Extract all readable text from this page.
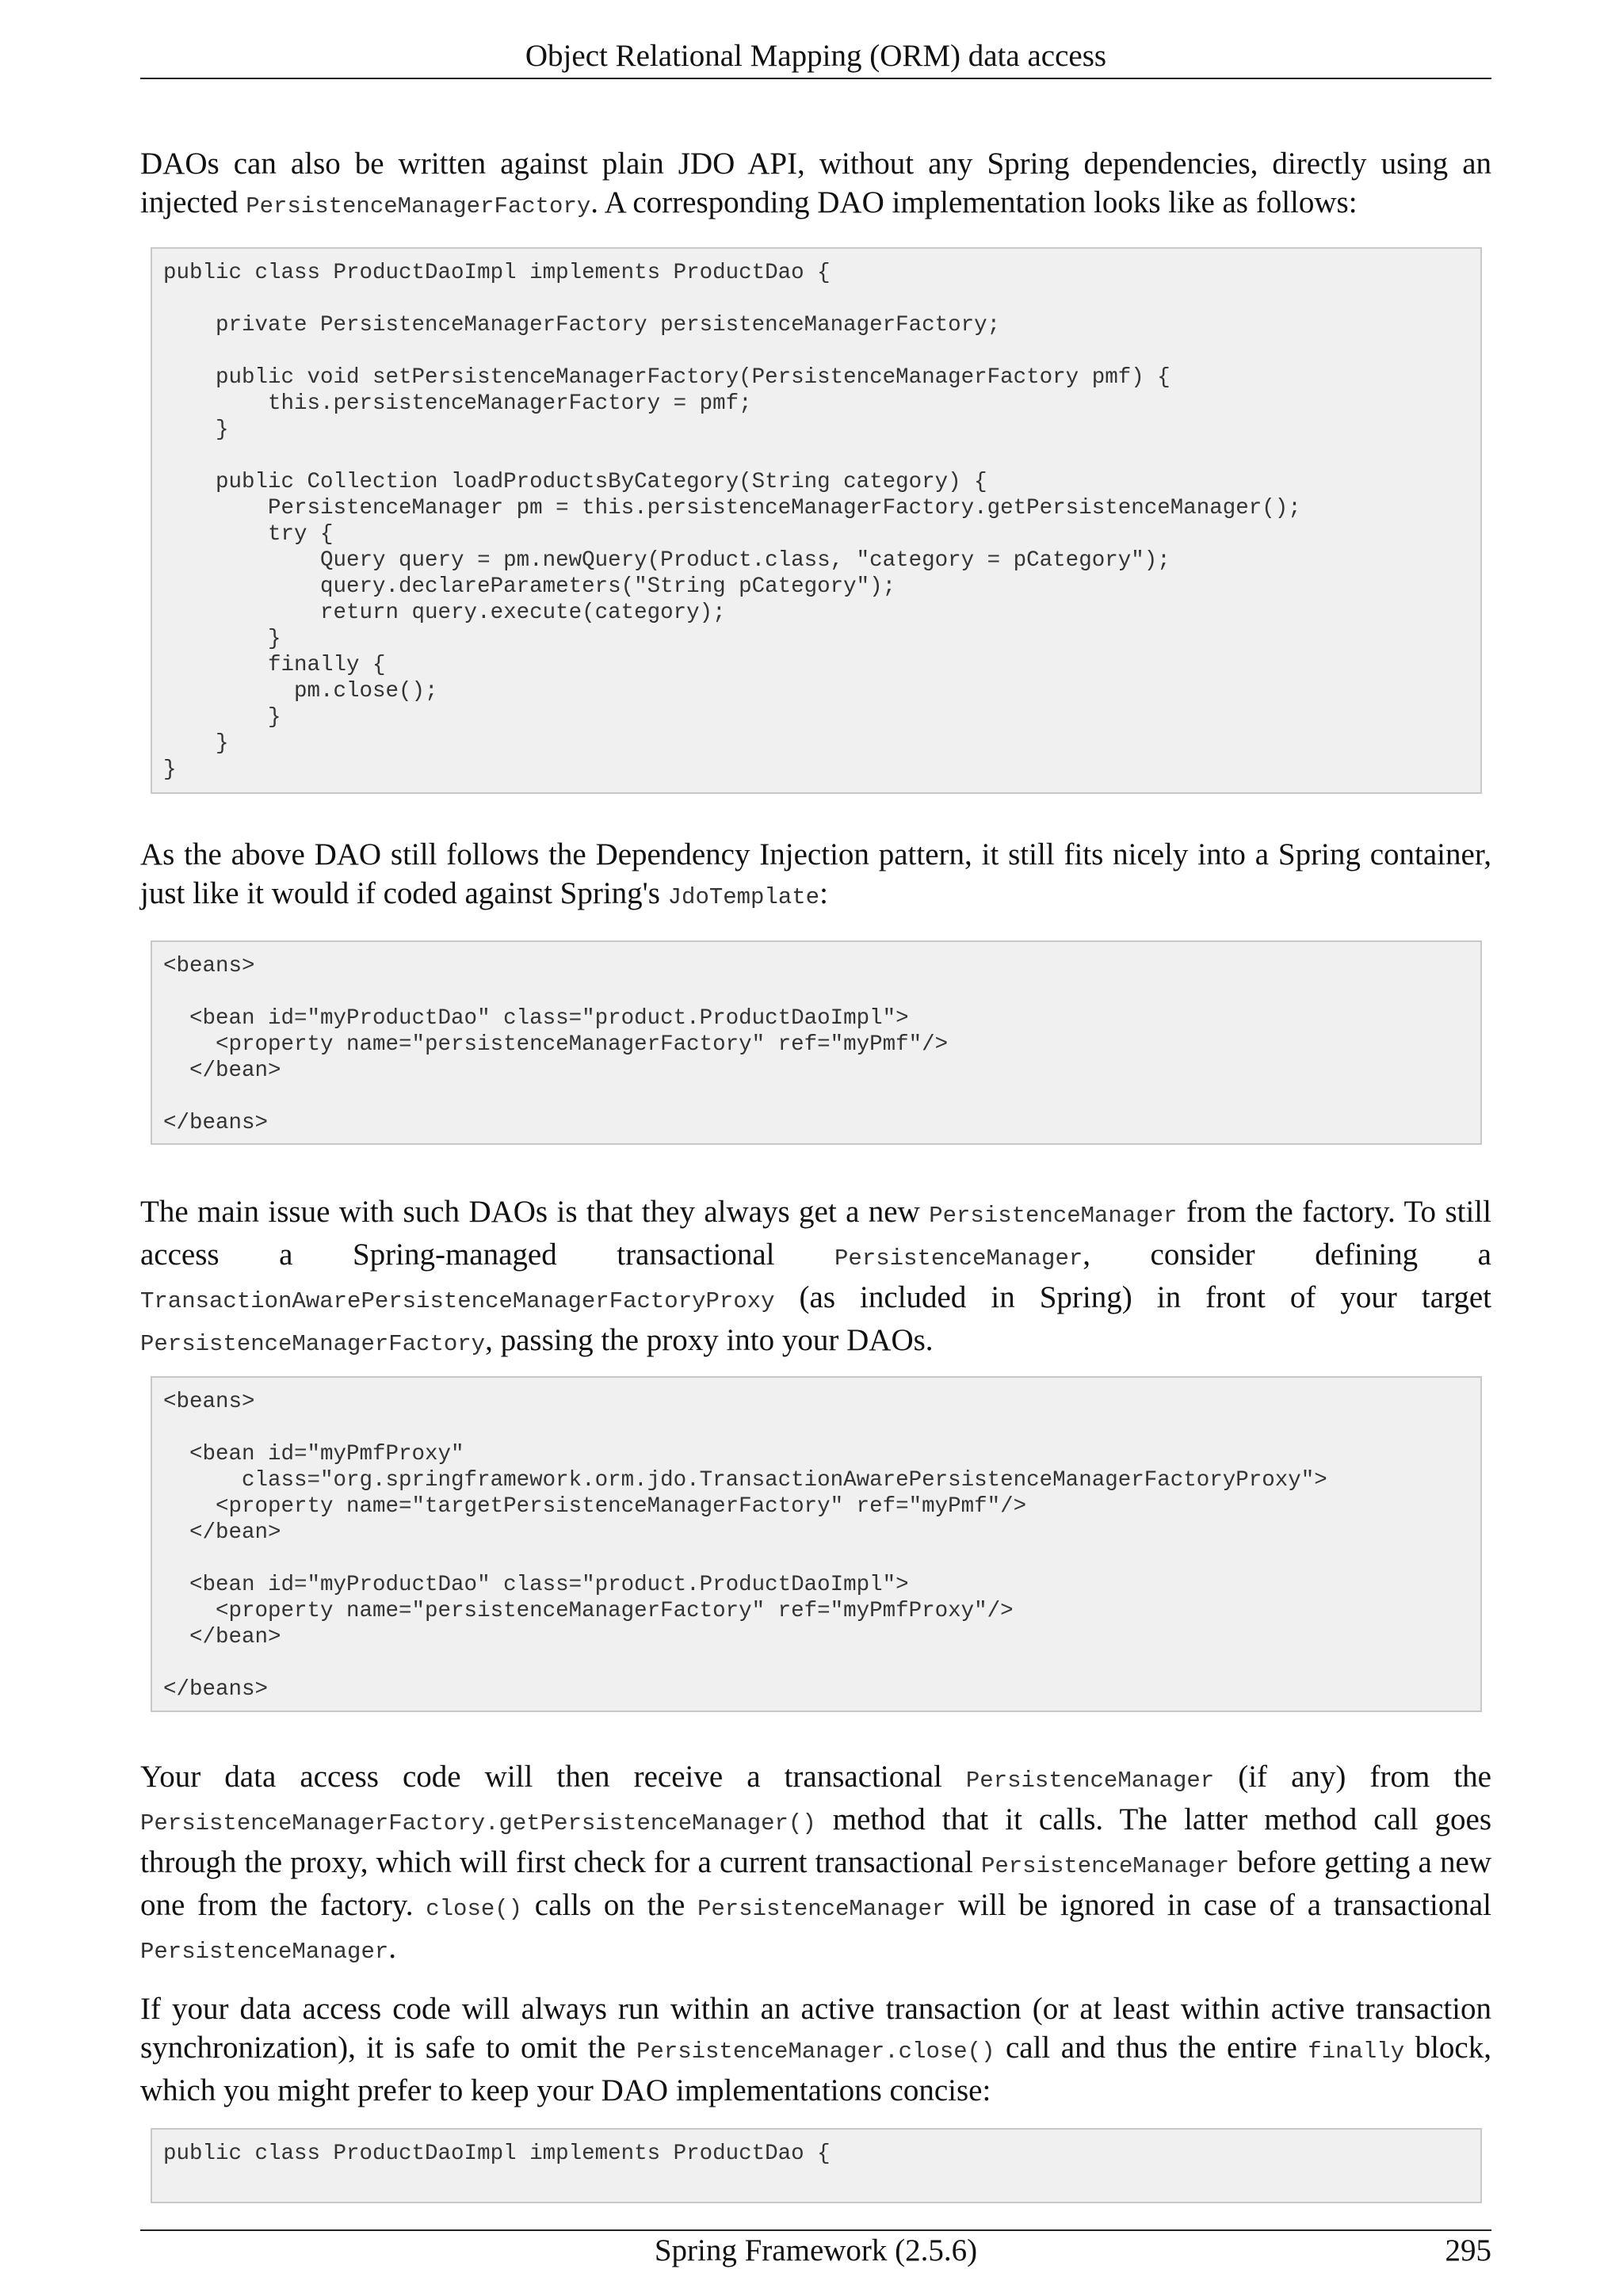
Object Relational Mapping (ORM) data access

DAOs can also be written against plain JDO API, without any Spring dependencies, directly using an injected PersistenceManagerFactory. A corresponding DAO implementation looks like as follows:

public class ProductDaoImpl implements ProductDao {

private PersistenceManagerFactory persistenceManagerFactory;

public void setPersistenceManagerFactory(PersistenceManagerFactory pmf) {
this.persistenceManagerFactory = pmf;
}

public Collection loadProductsByCategory(String category) {
PersistenceManager pm = this.persistenceManagerFactory.getPersistenceManager();
try {
Query query = pm.newQuery(Product.class, "category = pCategory");
query.declareParameters("String pCategory");
return query.execute(category);
}
finally {
pm.close();
}
}
}

As the above DAO still follows the Dependency Injection pattern, it still fits nicely into a Spring container, just like it would if coded against Spring's JdoTemplate:

<beans>

<bean id="myProductDao" class="product.ProductDaoImpl">
<property name="persistenceManagerFactory" ref="myPmf"/>
</bean>

</beans>

The main issue with such DAOs is that they always get a new PersistenceManager from the factory. To still access a Spring-managed transactional PersistenceManager, consider defining a TransactionAwarePersistenceManagerFactoryProxy (as included in Spring) in front of your target PersistenceManagerFactory, passing the proxy into your DAOs.

<beans>

<bean id="myPmfProxy"
class="org.springframework.orm.jdo.TransactionAwarePersistenceManagerFactoryProxy">
<property name="targetPersistenceManagerFactory" ref="myPmf"/>
</bean>

<bean id="myProductDao" class="product.ProductDaoImpl">
<property name="persistenceManagerFactory" ref="myPmfProxy"/>
</bean>

</beans>

Your data access code will then receive a transactional PersistenceManager (if any) from the PersistenceManagerFactory.getPersistenceManager() method that it calls. The latter method call goes through the proxy, which will first check for a current transactional PersistenceManager before getting a new one from the factory. close() calls on the PersistenceManager will be ignored in case of a transactional PersistenceManager.

If your data access code will always run within an active transaction (or at least within active transaction synchronization), it is safe to omit the PersistenceManager.close() call and thus the entire finally block, which you might prefer to keep your DAO implementations concise:

public class ProductDaoImpl implements ProductDao {
Spring Framework (2.5.6)	295
